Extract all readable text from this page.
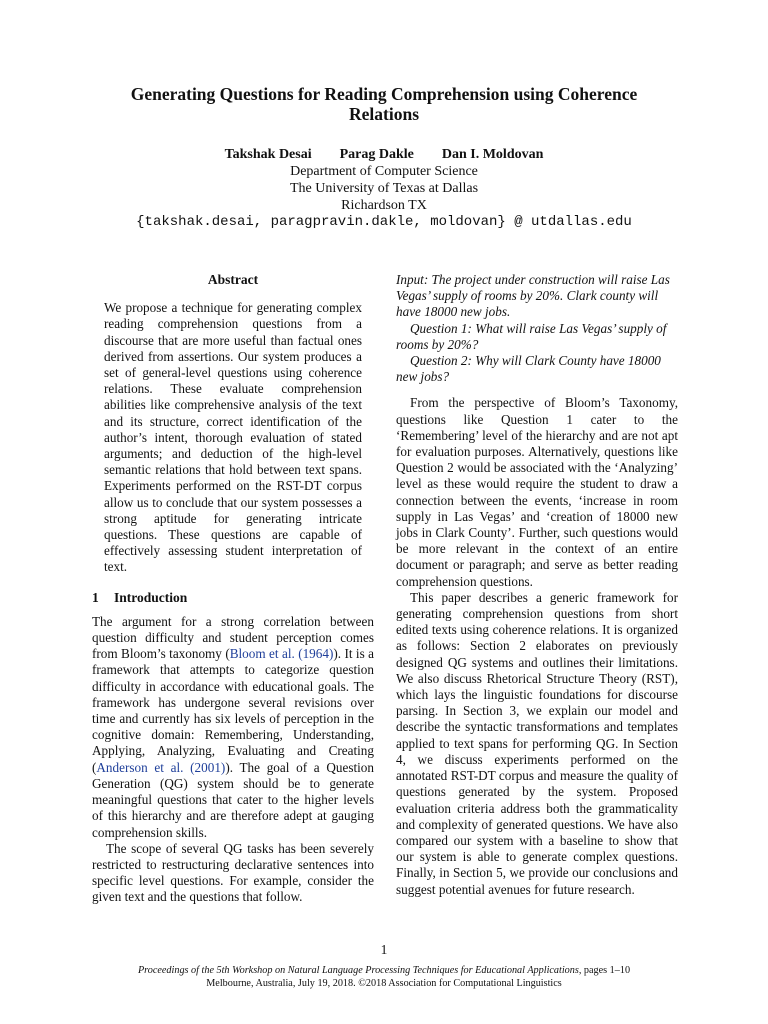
Generating Questions for Reading Comprehension using Coherence
Relations
Takshak Desai Parag Dakle Dan I. Moldovan
Department of Computer Science
The University of Texas at Dallas
Richardson TX
{takshak.desai, paragpravin.dakle, moldovan} @ utdallas.edu
Abstract

We propose a technique for generating complex reading comprehension questions from a discourse that are more useful than factual ones derived from assertions. Our system produces a set of general-level questions using coherence relations. These evaluate comprehension abilities like comprehensive analysis of the text and its structure, correct identification of the author’s intent, thorough evaluation of stated arguments; and deduction of the high-level semantic relations that hold between text spans. Experiments performed on the RST-DT corpus allow us to conclude that our system possesses a strong aptitude for generating intricate questions. These questions are capable of effectively assessing student interpretation of text.

1 Introduction

The argument for a strong correlation between question difficulty and student perception comes from Bloom’s taxonomy (Bloom et al. (1964)). It is a framework that attempts to categorize question difficulty in accordance with educational goals. The framework has undergone several revisions over time and currently has six levels of perception in the cognitive domain: Remembering, Understanding, Applying, Analyzing, Evaluating and Creating (Anderson et al. (2001)). The goal of a Question Generation (QG) system should be to generate meaningful questions that cater to the higher levels of this hierarchy and are therefore adept at gauging comprehension skills.

The scope of several QG tasks has been severely restricted to restructuring declarative sentences into specific level questions. For example, consider the given text and the questions that follow.

Input: The project under construction will raise Las Vegas’ supply of rooms by 20%. Clark county will have 18000 new jobs.

Question 1: What will raise Las Vegas’ supply of rooms by 20%?

Question 2: Why will Clark County have 18000 new jobs?

From the perspective of Bloom’s Taxonomy, questions like Question 1 cater to the ‘Remembering’ level of the hierarchy and are not apt for evaluation purposes. Alternatively, questions like Question 2 would be associated with the ‘Analyzing’ level as these would require the student to draw a connection between the events, ‘increase in room supply in Las Vegas’ and ‘creation of 18000 new jobs in Clark County’. Further, such questions would be more relevant in the context of an entire document or paragraph; and serve as better reading comprehension questions.

This paper describes a generic framework for generating comprehension questions from short edited texts using coherence relations. It is organized as follows: Section 2 elaborates on previously designed QG systems and outlines their limitations. We also discuss Rhetorical Structure Theory (RST), which lays the linguistic foundations for discourse parsing. In Section 3, we explain our model and describe the syntactic transformations and templates applied to text spans for performing QG. In Section 4, we discuss experiments performed on the annotated RST-DT corpus and measure the quality of questions generated by the system. Proposed evaluation criteria address both the grammaticality and complexity of generated questions. We have also compared our system with a baseline to show that our system is able to generate complex questions. Finally, in Section 5, we provide our conclusions and suggest potential avenues for future research.

1
Proceedings of the 5th Workshop on Natural Language Processing Techniques for Educational Applications, pages 1–10
Melbourne, Australia, July 19, 2018. ©2018 Association for Computational Linguistics
